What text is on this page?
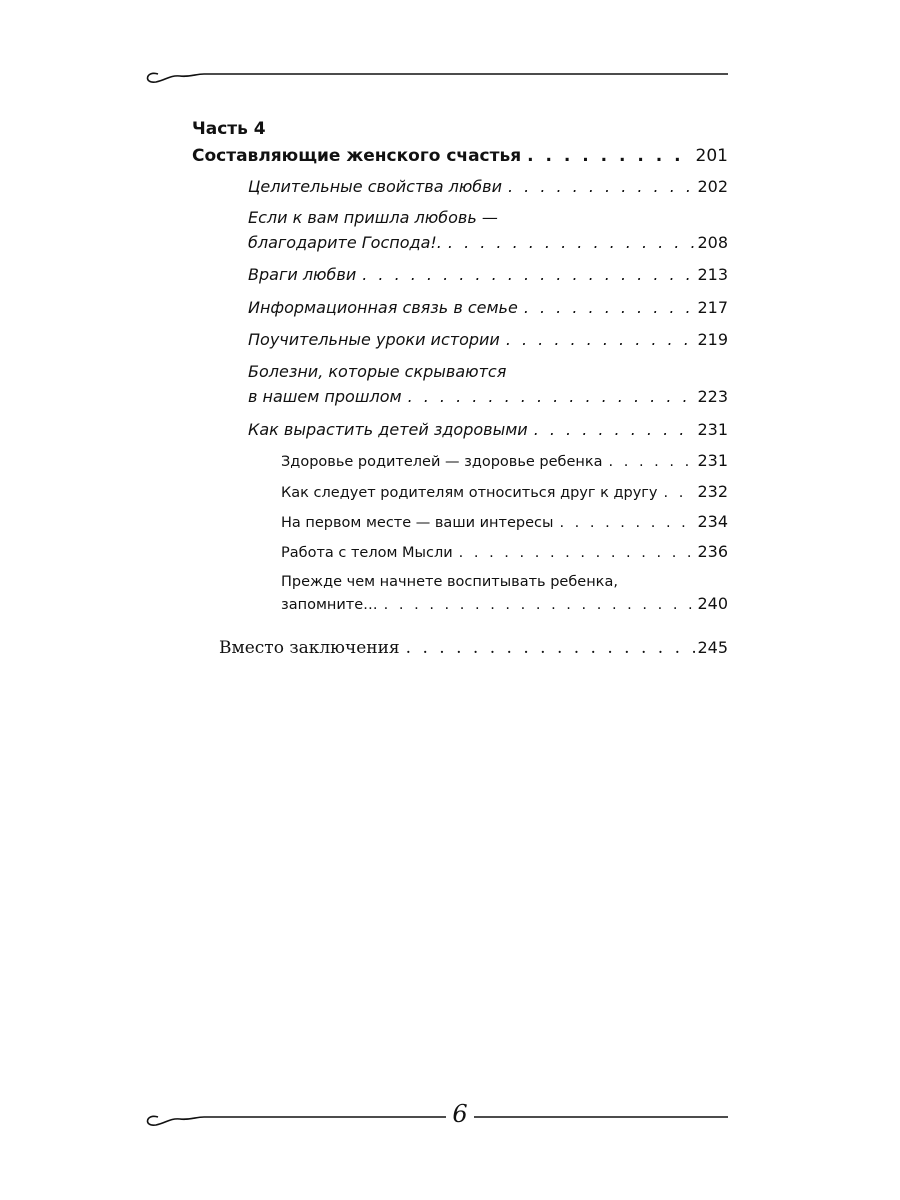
Часть 4
Составляющие женского счастья . . .	201
Целительные свойства любви . . .	202
Если к вам пришла любовь —
благодарите Господа!. . . .	208
Враги любви . . .	213
Информационная связь в семье . . .	217
Поучительные уроки истории . . .	219
Болезни, которые скрываются
в нашем прошлом . . .	223
Как вырастить детей здоровыми . . .	231
Здоровье родителей — здоровье ребенка . . .	231
Как следует родителям относиться друг к другу . . . 232
На первом месте — ваши интересы . . .	234
Работа с телом Мысли . . .	236
Прежде чем начнете воспитывать ребенка,
запомните… . . .	240
Вместо заключения . . .	245
6
